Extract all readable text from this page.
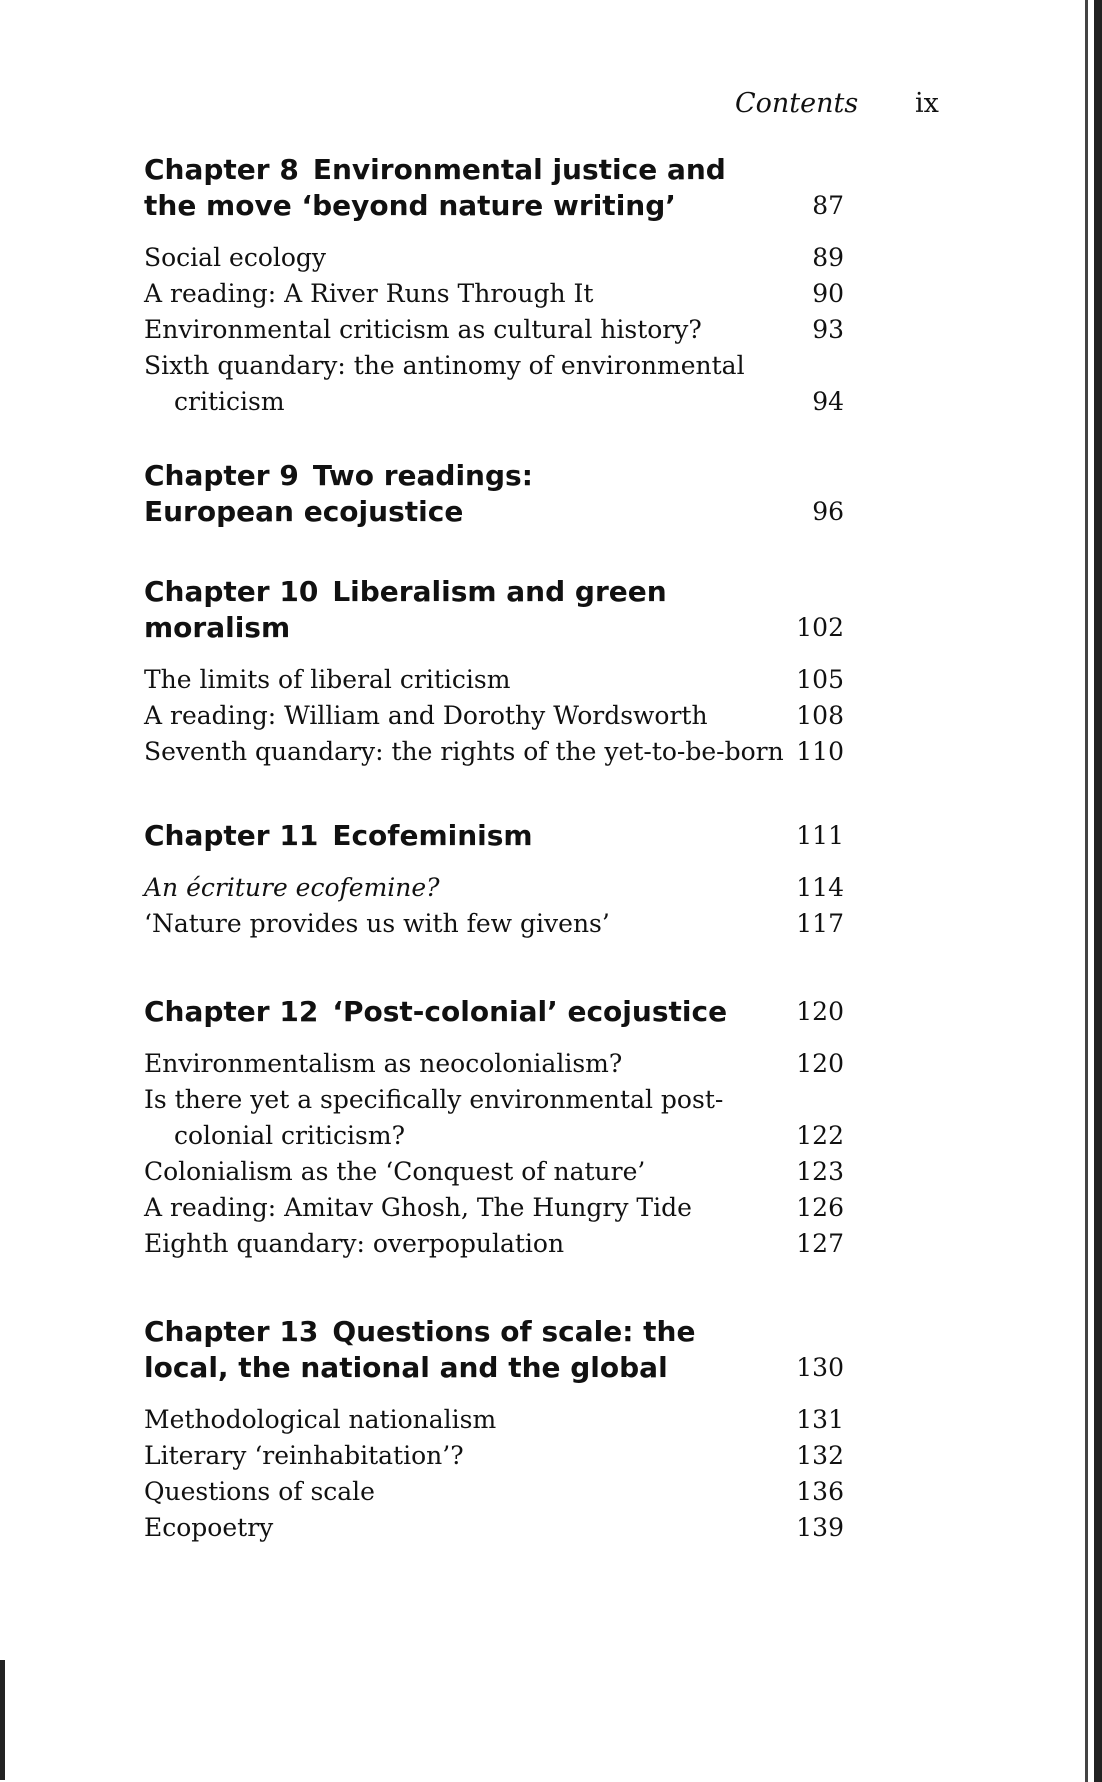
Contents ix
Chapter 8 Environmental justice and the move ‘beyond nature writing’	87
Social ecology	89
A reading: A River Runs Through It	90
Environmental criticism as cultural history?	93
Sixth quandary: the antinomy of environmental criticism	94
Chapter 9 Two readings: European ecojustice	96
Chapter 10 Liberalism and green moralism	102
The limits of liberal criticism	105
A reading: William and Dorothy Wordsworth	108
Seventh quandary: the rights of the yet-to-be-born 110
Chapter 11 Ecofeminism	111
An écriture ecofemine?	114
‘Nature provides us with few givens’	117
Chapter 12 ‘Post-colonial’ ecojustice	120
Environmentalism as neocolonialism?	120
Is there yet a specifically environmental post-colonial criticism?	122
Colonialism as the ‘Conquest of nature’	123
A reading: Amitav Ghosh, The Hungry Tide	126
Eighth quandary: overpopulation	127
Chapter 13 Questions of scale: the local, the national and the global	130
Methodological nationalism	131
Literary ‘reinhabitation’?	132
Questions of scale	136
Ecopoetry	139
